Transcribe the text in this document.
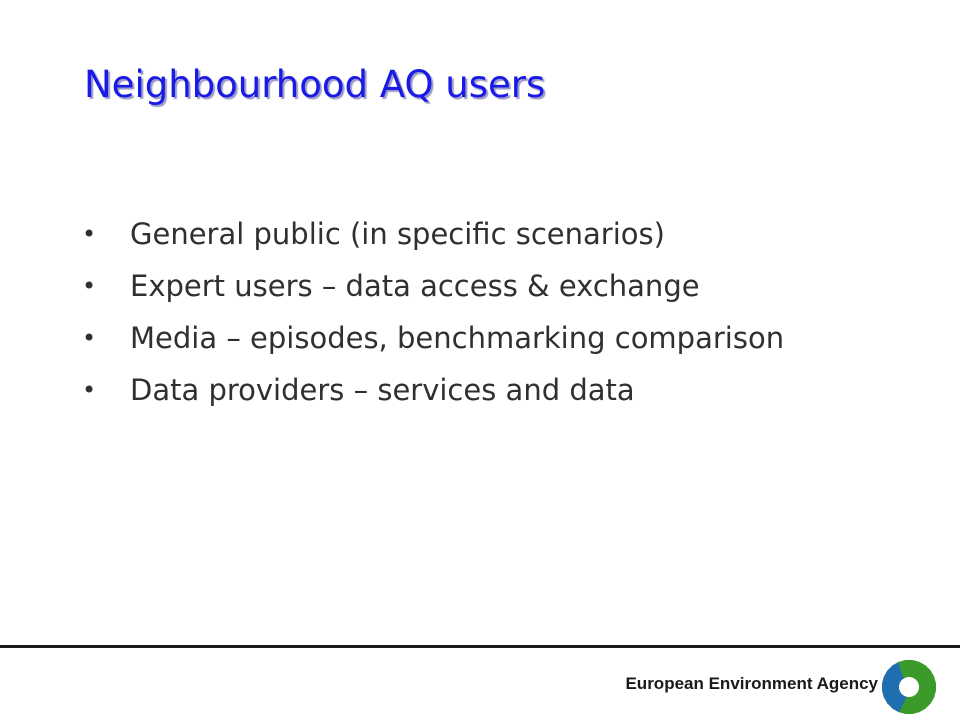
Neighbourhood AQ users
•	General public (in specific scenarios)
•	Expert users – data access & exchange
•	Media – episodes, benchmarking comparison
•	Data providers – services and data
European Environment Agency
